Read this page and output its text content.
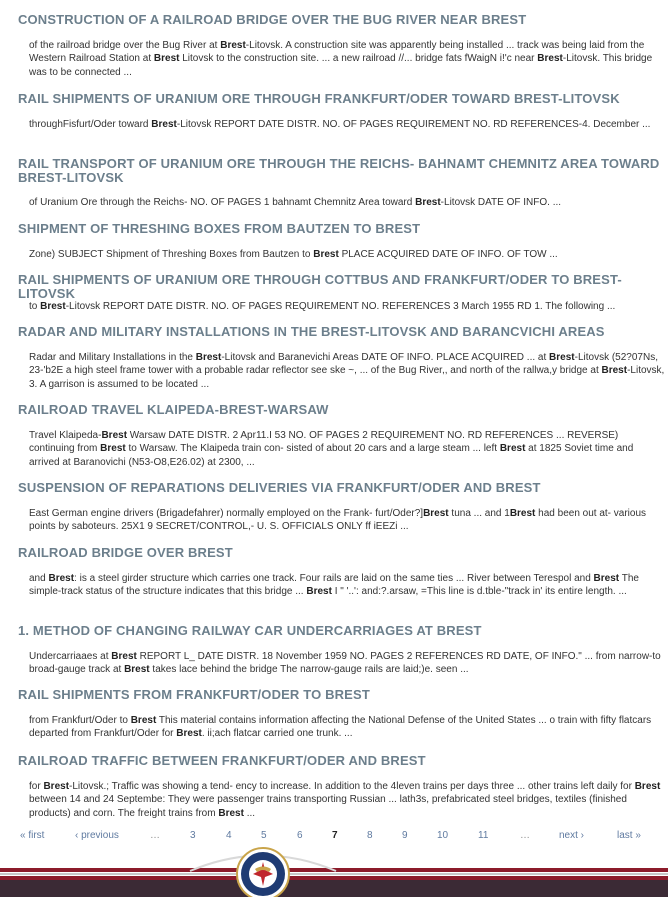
CONSTRUCTION OF A RAILROAD BRIDGE OVER THE BUG RIVER NEAR BREST

of the railroad bridge over the Bug River at Brest-Litovsk. A construction site was apparently being installed ... track was being laid from the Western Railroad Station at Brest Litovsk to the construction site. ... a new railroad //... bridge fats fWaigN i!'c near Brest-Litovsk. This bridge was to be connected ...

RAIL SHIPMENTS OF URANIUM ORE THROUGH FRANKFURT/ODER TOWARD BREST-LITOVSK

throughFisfurt/Oder toward Brest-Litovsk REPORT DATE DISTR. NO. OF PAGES REQUIREMENT NO. RD REFERENCES-4. December ...

RAIL TRANSPORT OF URANIUM ORE THROUGH THE REICHS- BAHNAMT CHEMNITZ AREA TOWARD BREST-LITOVSK

of Uranium Ore through the Reichs- NO. OF PAGES 1 bahnamt Chemnitz Area toward Brest-Litovsk DATE OF INFO. ...

SHIPMENT OF THRESHING BOXES FROM BAUTZEN TO BREST

Zone) SUBJECT Shipment of Threshing Boxes from Bautzen to Brest PLACE ACQUIRED DATE OF INFO. OF TOW ...

RAIL SHIPMENTS OF URANIUM ORE THROUGH COTTBUS AND FRANKFURT/ODER TO BREST-LITOVSK

to Brest-Litovsk REPORT DATE DISTR. NO. OF PAGES REQUIREMENT NO. REFERENCES 3 March 1955 RD 1. The following ...

RADAR AND MILITARY INSTALLATIONS IN THE BREST-LITOVSK AND BARANCVICHI AREAS

Radar and Military Installations in the Brest-Litovsk and Baranevichi Areas DATE OF INFO. PLACE ACQUIRED ... at Brest-Litovsk (52?07Ns, 23-'b2E a high steel frame tower with a probable radar reflector see ske ~, ... of the Bug River,, and north of the rallwa,y bridge at Brest-Litovsk, 3. A garrison is assumed to be located ...

RAILROAD TRAVEL KLAIPEDA-BREST-WARSAW

Travel Klaipeda-Brest Warsaw DATE DISTR. 2 Apr11.I 53 NO. OF PAGES 2 REQUIREMENT NO. RD REFERENCES ... REVERSE) continuing from Brest to Warsaw. The Klaipeda train con- sisted of about 20 cars and a large steam ... left Brest at 1825 Soviet time and arrived at Baranovichi (N53-O8,E26.02) at 2300, ...

SUSPENSION OF REPARATIONS DELIVERIES VIA FRANKFURT/ODER AND BREST

East German engine drivers (Brigadefahrer) normally employed on the Frank- furt/Oder?]Brest tuna ... and 1Brest had been out at- various points by saboteurs. 25X1 9 SECRET/CONTROL,- U. S. OFFICIALS ONLY ff iEEZi ...

RAILROAD BRIDGE OVER BREST

and Brest: is a steel girder structure which carries one track. Four rails are laid on the same ties ... River between Terespol and Brest The simple-track status of the structure indicates that this bridge ... Brest I " '..': and:?.arsaw, =This line is d.tble-"track in' its entire length. ...

1. METHOD OF CHANGING RAILWAY CAR UNDERCARRIAGES AT BREST

Undercarriaaes at Brest REPORT L_ DATE DISTR. 18 November 1959 NO. PAGES 2 REFERENCES RD DATE, OF INFO." ... from narrow-to broad-gauge track at Brest takes lace behind the bridge The narrow-gauge rails are laid;)e. seen ...

RAIL SHIPMENTS FROM FRANKFURT/ODER TO BREST

from Frankfurt/Oder to Brest This material contains information affecting the National Defense of the United States ... o train with fifty flatcars departed from Frankfurt/Oder for Brest. ii;ach flatcar carried one trunk. ...

RAILROAD TRAFFIC BETWEEN FRANKFURT/ODER AND BREST

for Brest-Litovsk.; Traffic was showing a tend- ency to increase. In addition to the 4leven trains per days three ... other trains left daily for Brest between 14 and 24 Septembe: They were passenger trains transporting Russian ... lath3s, prefabricated steel bridges, textiles (finished products) and corn. The freight trains from Brest ...

« first	‹ previous	…	3	4	5	6	7	8	9	10	11	…	next ›	last »
